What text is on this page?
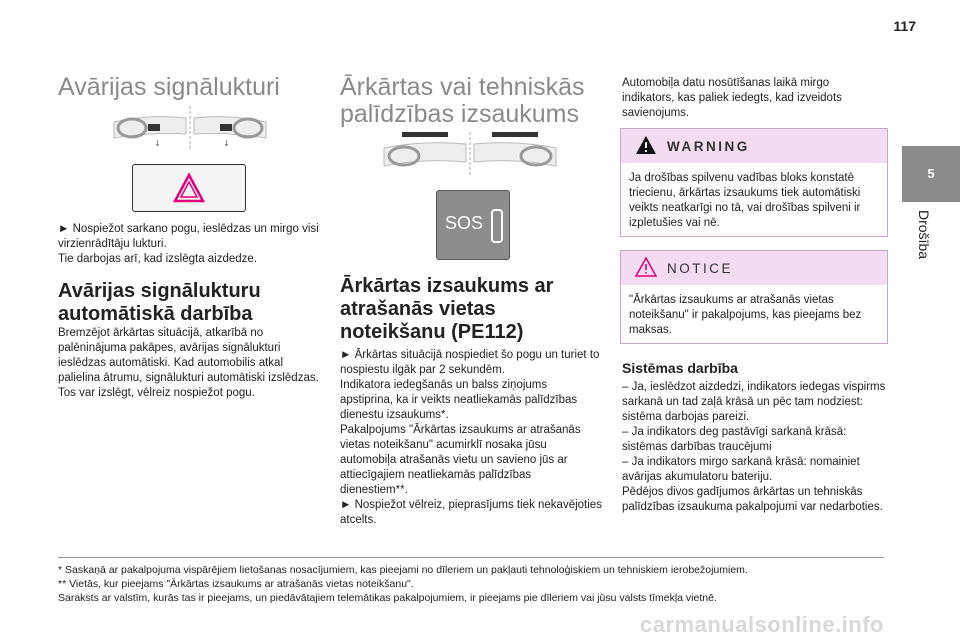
117
5
Drošība
Avārijas signālukturi
↓	↓
► Nospiežot sarkano pogu, ieslēdzas un mirgo visi virzienrādītāju lukturi.
Tie darbojas arī, kad izslēgta aizdedze.
Avārijas signālukturu automātiskā darbība
Bremzējot ārkārtas situācijā, atkarībā no palēninājuma pakāpes, avārijas signālukturi ieslēdzas automātiski. Kad automobilis atkal palielina ātrumu, signālukturi automātiski izslēdzas.
Tos var izslēgt, vēlreiz nospiežot pogu.
Ārkārtas vai tehniskās palīdzības izsaukums
SOS
Ārkārtas izsaukums ar atrašanās vietas noteikšanu (PE112)
► Ārkārtas situācijā nospiediet šo pogu un turiet to nospiestu ilgāk par 2 sekundēm.
Indikatora iedegšanās un balss ziņojums apstiprina, ka ir veikts neatliekamās palīdzības dienestu izsaukums*.
Pakalpojums "Ārkārtas izsaukums ar atrašanās vietas noteikšanu" acumirklī nosaka jūsu automobiļa atrašanās vietu un savieno jūs ar attiecīgajiem neatliekamās palīdzības dienestiem**.
► Nospiežot vēlreiz, pieprasījums tiek nekavējoties atcelts.
Automobiļa datu nosūtīšanas laikā mirgo indikators, kas paliek iedegts, kad izveidots savienojums.
WARNING
Ja drošības spilvenu vadības bloks konstatē triecienu, ārkārtas izsaukums tiek automātiski veikts neatkarīgi no tā, vai drošības spilveni ir izpletušies vai nē.
NOTICE
"Ārkārtas izsaukums ar atrašanās vietas noteikšanu" ir pakalpojums, kas pieejams bez maksas.
Sistēmas darbība
– Ja, ieslēdzot aizdedzi, indikators iedegas vispirms sarkanā un tad zaļā krāsā un pēc tam nodziest: sistēma darbojas pareizi.
– Ja indikators deg pastāvīgi sarkanā krāsā: sistēmas darbības traucējumi
– Ja indikators mirgo sarkanā krāsā: nomainiet avārijas akumulatoru bateriju.
Pēdējos divos gadījumos ārkārtas un tehniskās palīdzības izsaukuma pakalpojumi var nedarboties.
* Saskaņā ar pakalpojuma vispārējiem lietošanas nosacījumiem, kas pieejami no dīleriem un pakļauti tehnoloģiskiem un tehniskiem ierobežojumiem.
** Vietās, kur pieejams "Ārkārtas izsaukums ar atrašanās vietas noteikšanu".
Saraksts ar valstīm, kurās tas ir pieejams, un piedāvātajiem telemātikas pakalpojumiem, ir pieejams pie dīleriem vai jūsu valsts tīmekļa vietnē.
carmanualsonline.info
